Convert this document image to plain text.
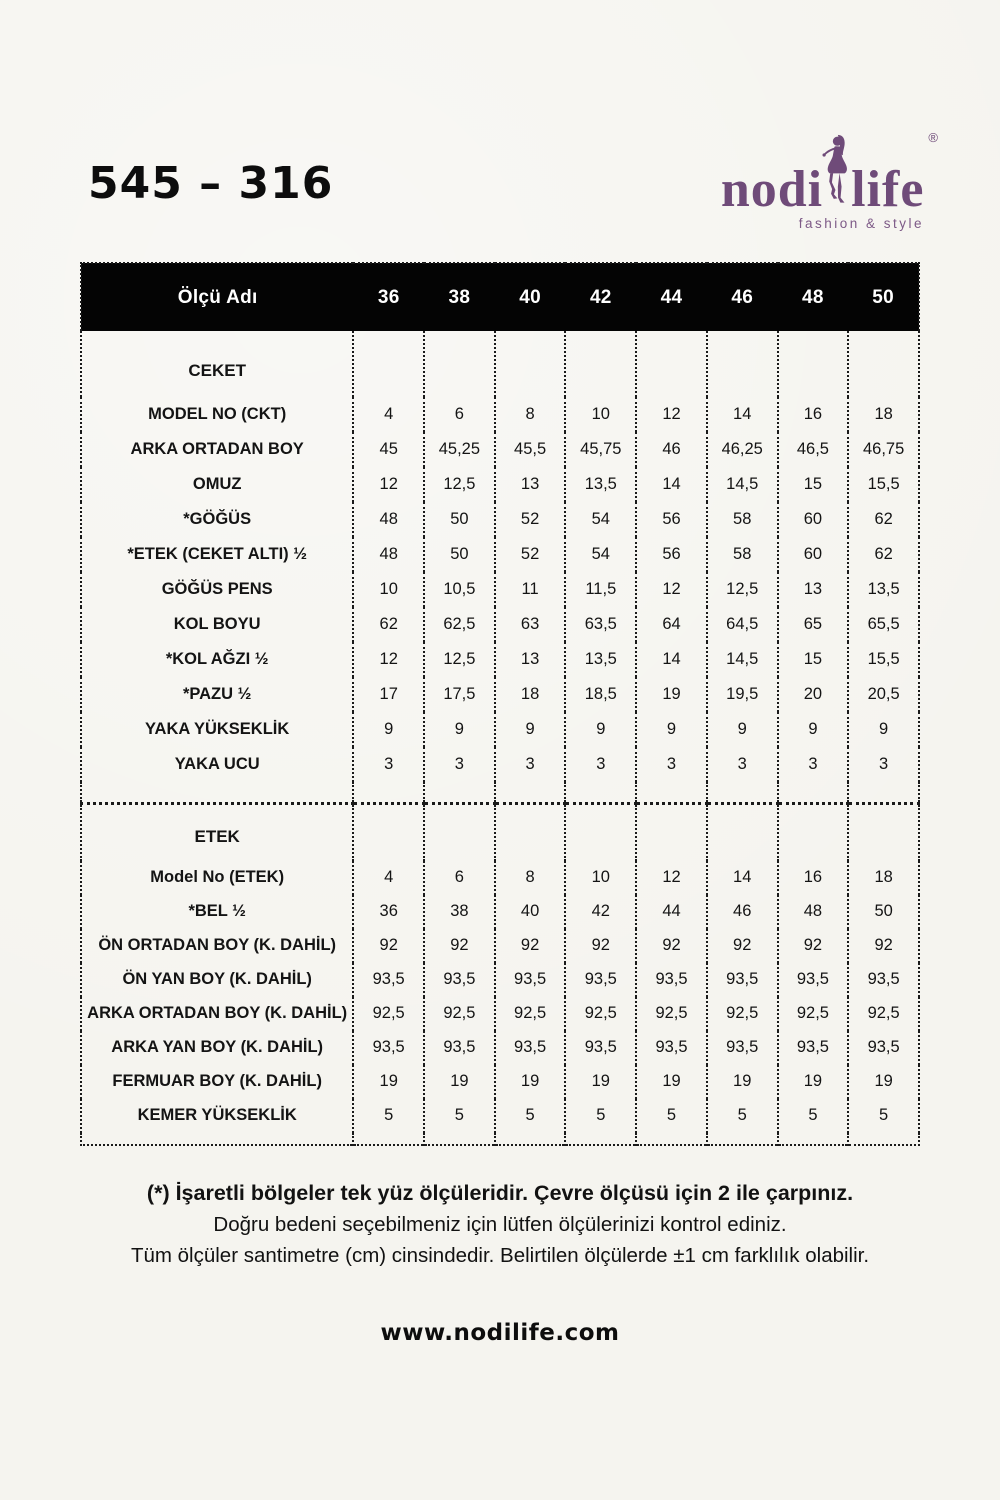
545 – 316	nodi life
®
fashion & style
Ölçü Adı	36	38	40	42	44	46	48	50
CEKET								
MODEL NO (CKT)	4	6	8	10	12	14	16	18
ARKA ORTADAN BOY	45	45,25	45,5	45,75	46	46,25	46,5	46,75
OMUZ	12	12,5	13	13,5	14	14,5	15	15,5
*GÖĞÜS	48	50	52	54	56	58	60	62
*ETEK (CEKET ALTI) ½	48	50	52	54	56	58	60	62
GÖĞÜS PENS	10	10,5	11	11,5	12	12,5	13	13,5
KOL BOYU	62	62,5	63	63,5	64	64,5	65	65,5
*KOL AĞZI ½	12	12,5	13	13,5	14	14,5	15	15,5
*PAZU ½	17	17,5	18	18,5	19	19,5	20	20,5
YAKA YÜKSEKLİK	9	9	9	9	9	9	9	9
YAKA UCU	3	3	3	3	3	3	3	3

ETEK								
Model No (ETEK)	4	6	8	10	12	14	16	18
*BEL ½	36	38	40	42	44	46	48	50
ÖN ORTADAN BOY (K. DAHİL)	92	92	92	92	92	92	92	92
ÖN YAN BOY (K. DAHİL)	93,5	93,5	93,5	93,5	93,5	93,5	93,5	93,5
ARKA ORTADAN BOY (K. DAHİL)	92,5	92,5	92,5	92,5	92,5	92,5	92,5	92,5
ARKA YAN BOY (K. DAHİL)	93,5	93,5	93,5	93,5	93,5	93,5	93,5	93,5
FERMUAR BOY (K. DAHİL)	19	19	19	19	19	19	19	19
KEMER YÜKSEKLİK	5	5	5	5	5	5	5	5

(*) İşaretli bölgeler tek yüz ölçüleridir. Çevre ölçüsü için 2 ile çarpınız.
Doğru bedeni seçebilmeniz için lütfen ölçülerinizi kontrol ediniz.
Tüm ölçüler santimetre (cm) cinsindedir. Belirtilen ölçülerde ±1 cm farklılık olabilir.
www.nodilife.com
